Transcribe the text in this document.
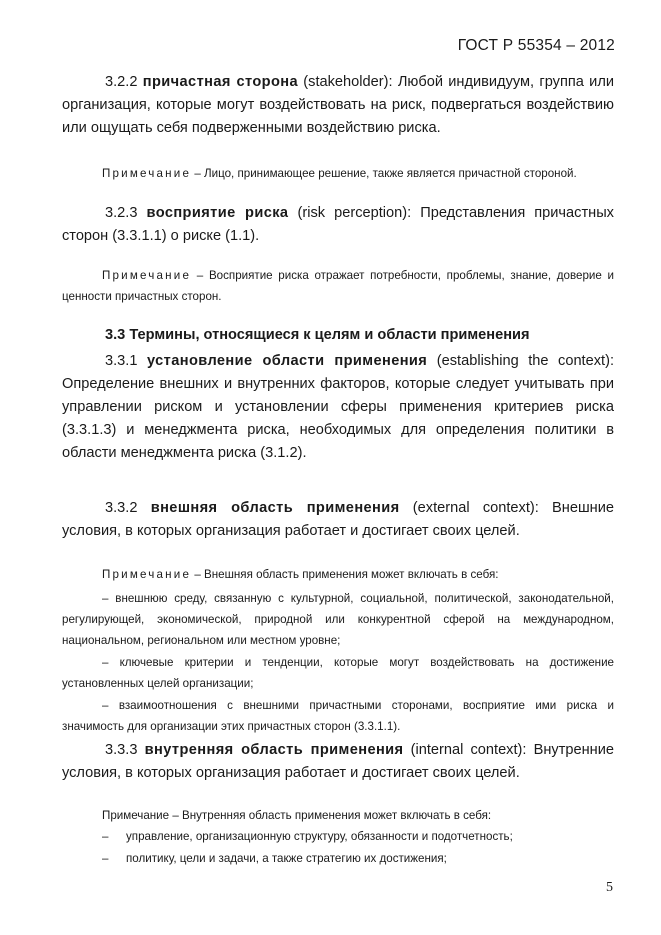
ГОСТ Р 55354 – 2012

3.2.2 причастная сторона (stakeholder): Любой индивидуум, группа или организация, которые могут воздействовать на риск, подвергаться воздействию или ощущать себя подверженными воздействию риска.

Примечание – Лицо, принимающее решение, также является причастной стороной.

3.2.3 восприятие риска (risk perception): Представления причастных сторон (3.3.1.1) о риске (1.1).

Примечание – Восприятие риска отражает потребности, проблемы, знание, доверие и ценности причастных сторон.

3.3 Термины, относящиеся к целям и области применения

3.3.1 установление области применения (establishing the context): Определение внешних и внутренних факторов, которые следует учитывать при управлении риском и установлении сферы применения критериев риска (3.3.1.3) и менеджмента риска, необходимых для определения политики в области менеджмента риска (3.1.2).

3.3.2 внешняя область применения (external context): Внешние условия, в которых организация работает и достигает своих целей.

Примечание – Внешняя область применения может включать в себя:

– внешнюю среду, связанную с культурной, социальной, политической, законодательной, регулирующей, экономической, природной или конкурентной сферой на международном, национальном, региональном или местном уровне;

– ключевые критерии и тенденции, которые могут воздействовать на достижение установленных целей организации;

– взаимоотношения с внешними причастными сторонами, восприятие ими риска и значимость для организации этих причастных сторон (3.3.1.1).

3.3.3 внутренняя область применения (internal context): Внутренние условия, в которых организация работает и достигает своих целей.

Примечание – Внутренняя область применения может включать в себя:

– управление, организационную структуру, обязанности и подотчетность;
– политику, цели и задачи, а также стратегию их достижения;
5
